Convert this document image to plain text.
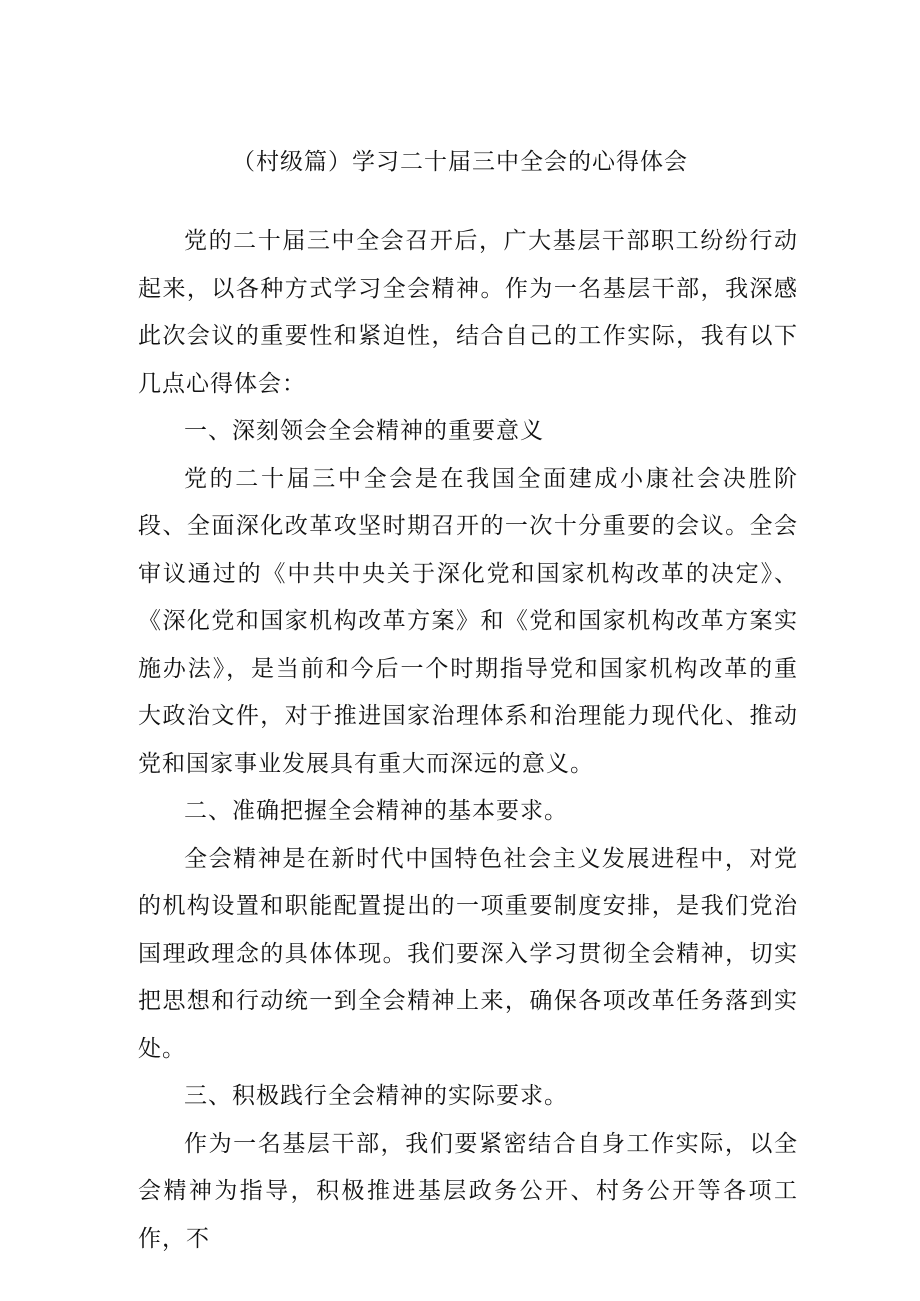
（村级篇）学习二十届三中全会的心得体会

党的二十届三中全会召开后，广大基层干部职工纷纷行动起来，以各种方式学习全会精神。作为一名基层干部，我深感此次会议的重要性和紧迫性，结合自己的工作实际，我有以下几点心得体会：

一、深刻领会全会精神的重要意义

党的二十届三中全会是在我国全面建成小康社会决胜阶段、全面深化改革攻坚时期召开的一次十分重要的会议。全会审议通过的《中共中央关于深化党和国家机构改革的决定》、《深化党和国家机构改革方案》和《党和国家机构改革方案实施办法》，是当前和今后一个时期指导党和国家机构改革的重大政治文件，对于推进国家治理体系和治理能力现代化、推动党和国家事业发展具有重大而深远的意义。

二、准确把握全会精神的基本要求。

全会精神是在新时代中国特色社会主义发展进程中，对党的机构设置和职能配置提出的一项重要制度安排，是我们党治国理政理念的具体体现。我们要深入学习贯彻全会精神，切实把思想和行动统一到全会精神上来，确保各项改革任务落到实处。

三、积极践行全会精神的实际要求。

作为一名基层干部，我们要紧密结合自身工作实际，以全会精神为指导，积极推进基层政务公开、村务公开等各项工作，不
